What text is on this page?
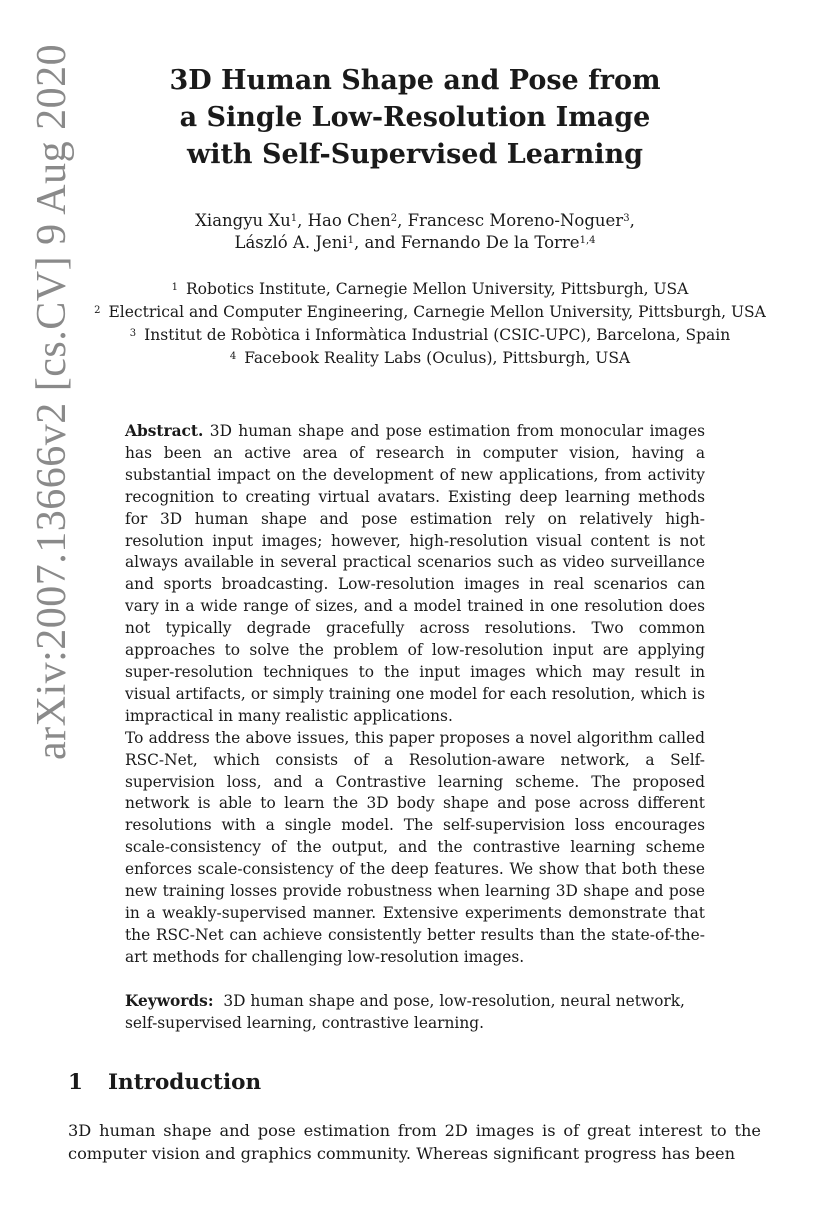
arXiv:2007.13666v2 [cs.CV] 9 Aug 2020	3D Human Shape and Pose from
a Single Low-Resolution Image
with Self-Supervised Learning
Xiangyu Xu$^1$, Hao Chen$^2$, Francesc Moreno-Noguer$^3$,
László A. Jeni$^1$, and Fernando De la Torre$^{1,4}$
$^1$ Robotics Institute, Carnegie Mellon University, Pittsburgh, USA
$^2$ Electrical and Computer Engineering, Carnegie Mellon University, Pittsburgh, USA
$^3$ Institut de Robòtica i Informàtica Industrial (CSIC-UPC), Barcelona, Spain
$^4$ Facebook Reality Labs (Oculus), Pittsburgh, USA

Abstract. 3D human shape and pose estimation from monocular images has been an active area of research in computer vision, having a substantial impact on the development of new applications, from activity recognition to creating virtual avatars. Existing deep learning methods for 3D human shape and pose estimation rely on relatively high-resolution input images; however, high-resolution visual content is not always available in several practical scenarios such as video surveillance and sports broadcasting. Low-resolution images in real scenarios can vary in a wide range of sizes, and a model trained in one resolution does not typically degrade gracefully across resolutions. Two common approaches to solve the problem of low-resolution input are applying super-resolution techniques to the input images which may result in visual artifacts, or simply training one model for each resolution, which is impractical in many realistic applications.

To address the above issues, this paper proposes a novel algorithm called RSC-Net, which consists of a Resolution-aware network, a Self-supervision loss, and a Contrastive learning scheme. The proposed network is able to learn the 3D body shape and pose across different resolutions with a single model. The self-supervision loss encourages scale-consistency of the output, and the contrastive learning scheme enforces scale-consistency of the deep features. We show that both these new training losses provide robustness when learning 3D shape and pose in a weakly-supervised manner. Extensive experiments demonstrate that the RSC-Net can achieve consistently better results than the state-of-the-art methods for challenging low-resolution images.

Keywords: 3D human shape and pose, low-resolution, neural network, self-supervised learning, contrastive learning.
1 Introduction

3D human shape and pose estimation from 2D images is of great interest to the computer vision and graphics community. Whereas significant progress has been
